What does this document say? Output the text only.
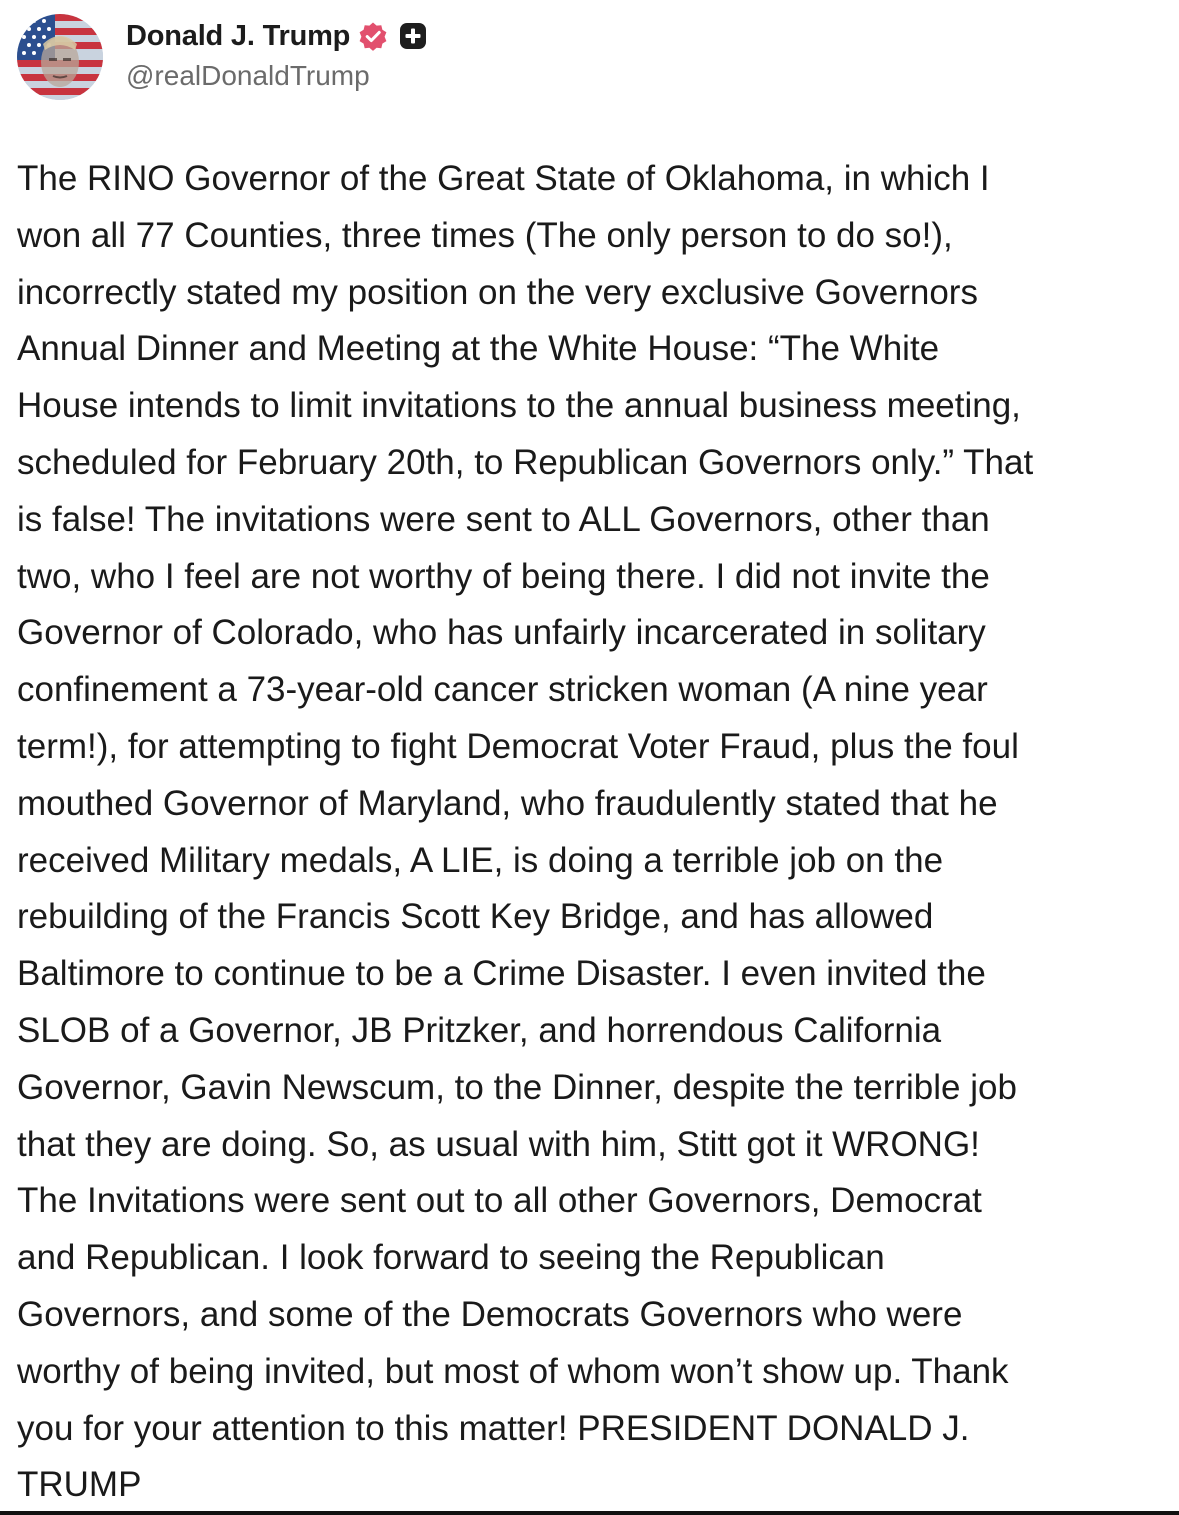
Donald J. Trump
@realDonaldTrump
The RINO Governor of the Great State of Oklahoma, in which I
won all 77 Counties, three times (The only person to do so!),
incorrectly stated my position on the very exclusive Governors
Annual Dinner and Meeting at the White House: “The White
House intends to limit invitations to the annual business meeting,
scheduled for February 20th, to Republican Governors only.” That
is false! The invitations were sent to ALL Governors, other than
two, who I feel are not worthy of being there. I did not invite the
Governor of Colorado, who has unfairly incarcerated in solitary
confinement a 73-year-old cancer stricken woman (A nine year
term!), for attempting to fight Democrat Voter Fraud, plus the foul
mouthed Governor of Maryland, who fraudulently stated that he
received Military medals, A LIE, is doing a terrible job on the
rebuilding of the Francis Scott Key Bridge, and has allowed
Baltimore to continue to be a Crime Disaster. I even invited the
SLOB of a Governor, JB Pritzker, and horrendous California
Governor, Gavin Newscum, to the Dinner, despite the terrible job
that they are doing. So, as usual with him, Stitt got it WRONG!
The Invitations were sent out to all other Governors, Democrat
and Republican. I look forward to seeing the Republican
Governors, and some of the Democrats Governors who were
worthy of being invited, but most of whom won’t show up. Thank
you for your attention to this matter! PRESIDENT DONALD J.
TRUMP
